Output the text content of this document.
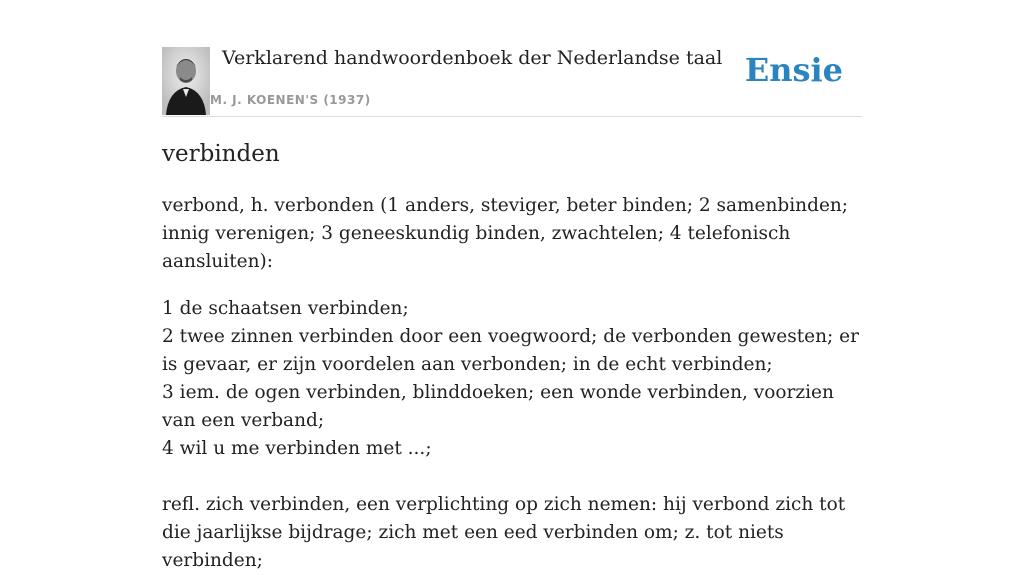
Verklarend handwoordenboek der Nederlandse taal
M. J. KOENEN'S (1937)
Ensie
verbinden

verbond, h. verbonden (1 anders, steviger, beter binden; 2 samenbinden; innig verenigen; 3 geneeskundig binden, zwachtelen; 4 telefonisch aansluiten):

1 de schaatsen verbinden;
2 twee zinnen verbinden door een voegwoord; de verbonden gewesten; er is gevaar, er zijn voordelen aan verbonden; in de echt verbinden;
3 iem. de ogen verbinden, blinddoeken; een wonde verbinden, voorzien van een verband;
4 wil u me verbinden met ...;

refl. zich verbinden, een verplichting op zich nemen: hij verbond zich tot die jaarlijkse bijdrage; zich met een eed verbinden om; z. tot niets verbinden;
